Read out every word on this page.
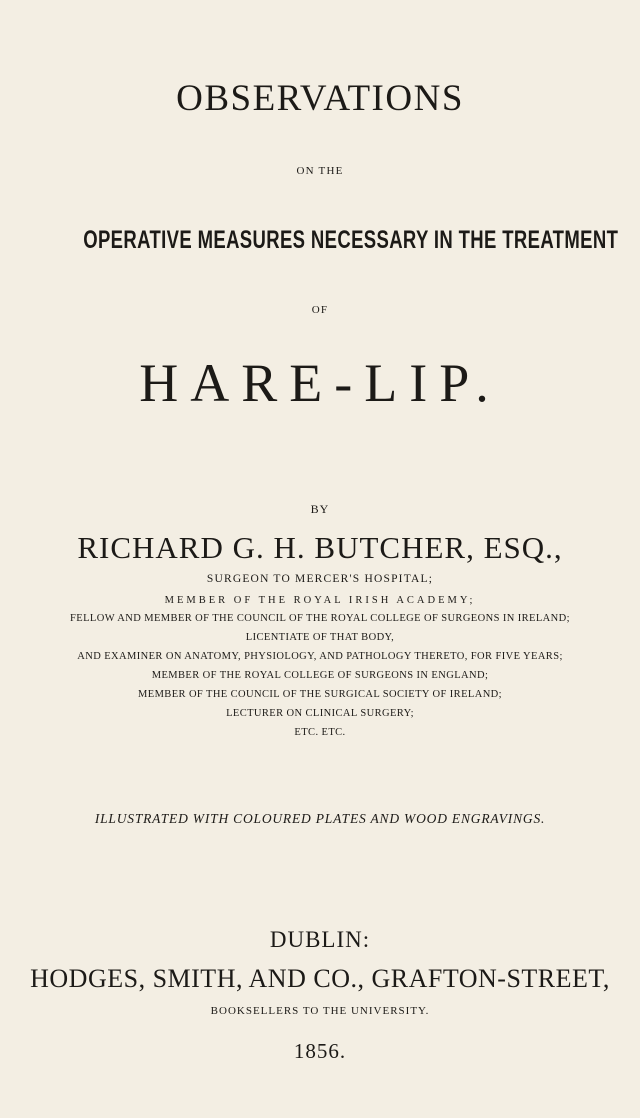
OBSERVATIONS
ON THE
OPERATIVE MEASURES NECESSARY IN THE TREATMENT
OF
HARE-LIP.
BY
RICHARD G. H. BUTCHER, ESQ.,
SURGEON TO MERCER'S HOSPITAL;
MEMBER OF THE ROYAL IRISH ACADEMY;
FELLOW AND MEMBER OF THE COUNCIL OF THE ROYAL COLLEGE OF SURGEONS IN IRELAND;
LICENTIATE OF THAT BODY,
AND EXAMINER ON ANATOMY, PHYSIOLOGY, AND PATHOLOGY THERETO, FOR FIVE YEARS;
MEMBER OF THE ROYAL COLLEGE OF SURGEONS IN ENGLAND;
MEMBER OF THE COUNCIL OF THE SURGICAL SOCIETY OF IRELAND;
LECTURER ON CLINICAL SURGERY;
ETC. ETC.
ILLUSTRATED WITH COLOURED PLATES AND WOOD ENGRAVINGS.
DUBLIN:
HODGES, SMITH, AND CO., GRAFTON-STREET,
BOOKSELLERS TO THE UNIVERSITY.
1856.
